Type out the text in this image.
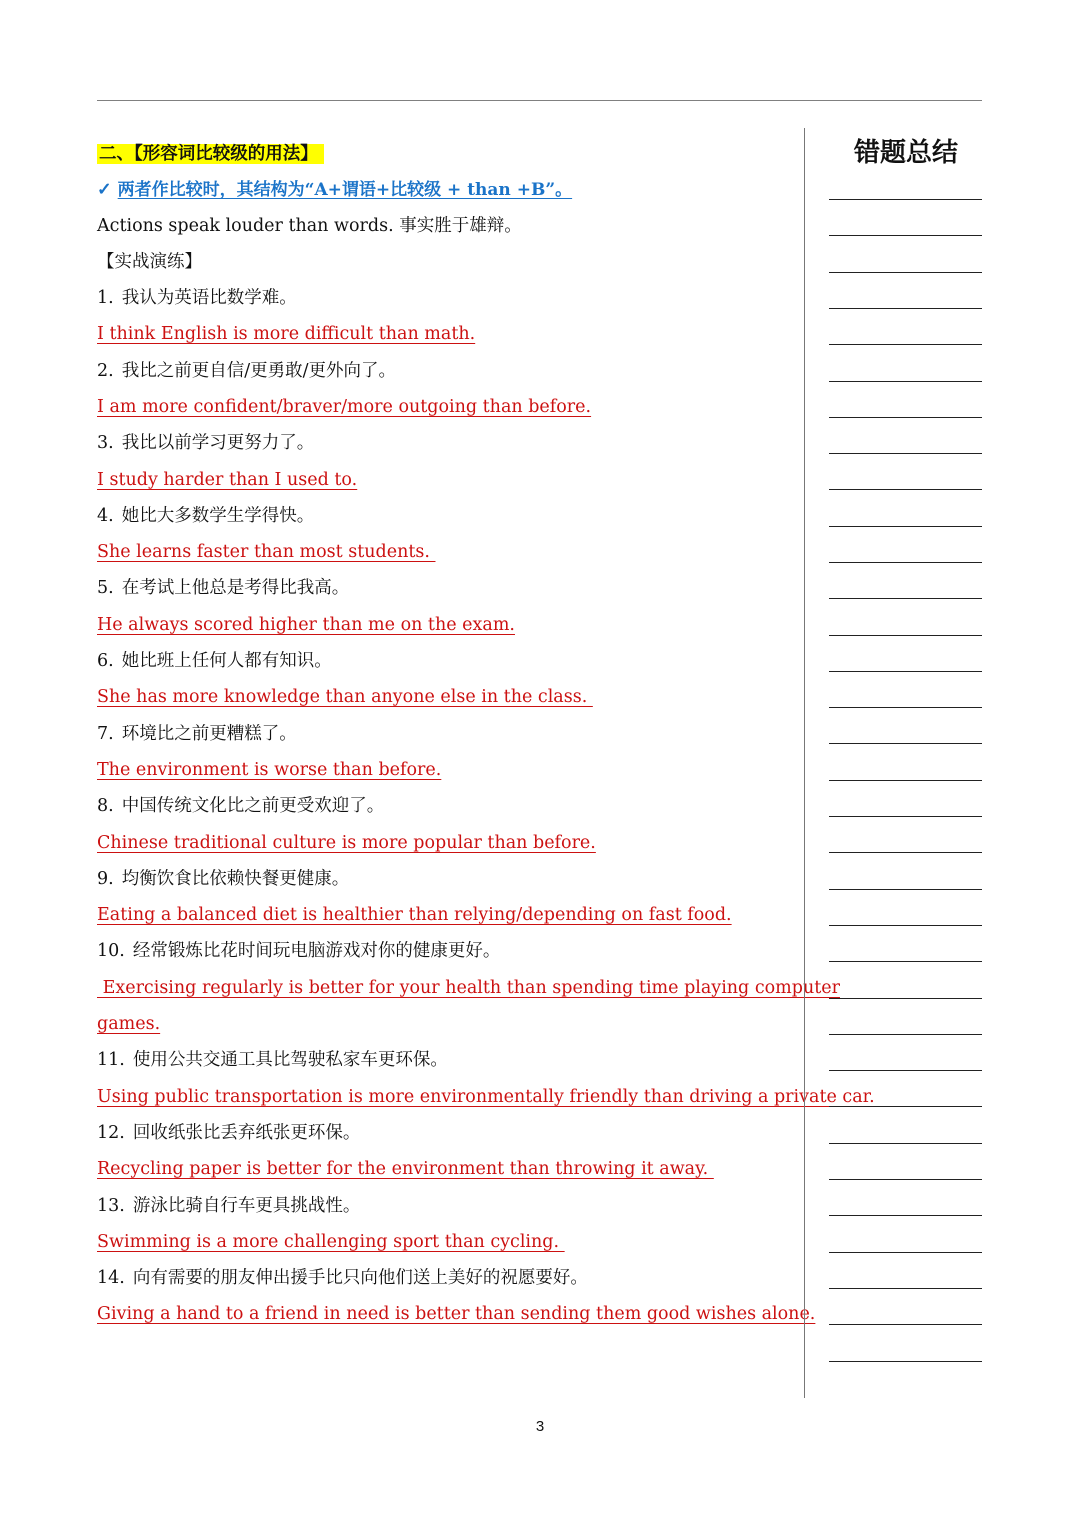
二、【形容词比较级的用法】
✓ 两者作比较时，其结构为“A+谓语+比较级 + than +B”。
Actions speak louder than words. 事实胜于雄辩。
【实战演练】
1. 我认为英语比数学难。
I think English is more difficult than math.
2. 我比之前更自信/更勇敢/更外向了。
I am more confident/braver/more outgoing than before.
3. 我比以前学习更努力了。
I study harder than I used to.
4. 她比大多数学生学得快。
She learns faster than most students.
5. 在考试上他总是考得比我高。
He always scored higher than me on the exam.
6. 她比班上任何人都有知识。
She has more knowledge than anyone else in the class.
7. 环境比之前更糟糕了。
The environment is worse than before.
8. 中国传统文化比之前更受欢迎了。
Chinese traditional culture is more popular than before.
9. 均衡饮食比依赖快餐更健康。
Eating a balanced diet is healthier than relying/depending on fast food.
10. 经常锻炼比花时间玩电脑游戏对你的健康更好。
Exercising regularly is better for your health than spending time playing computer
games.
11. 使用公共交通工具比驾驶私家车更环保。
Using public transportation is more environmentally friendly than driving a private car.
12. 回收纸张比丢弃纸张更环保。
Recycling paper is better for the environment than throwing it away.
13. 游泳比骑自行车更具挑战性。
Swimming is a more challenging sport than cycling.
14. 向有需要的朋友伸出援手比只向他们送上美好的祝愿要好。
Giving a hand to a friend in need is better than sending them good wishes alone.
错题总结
3
